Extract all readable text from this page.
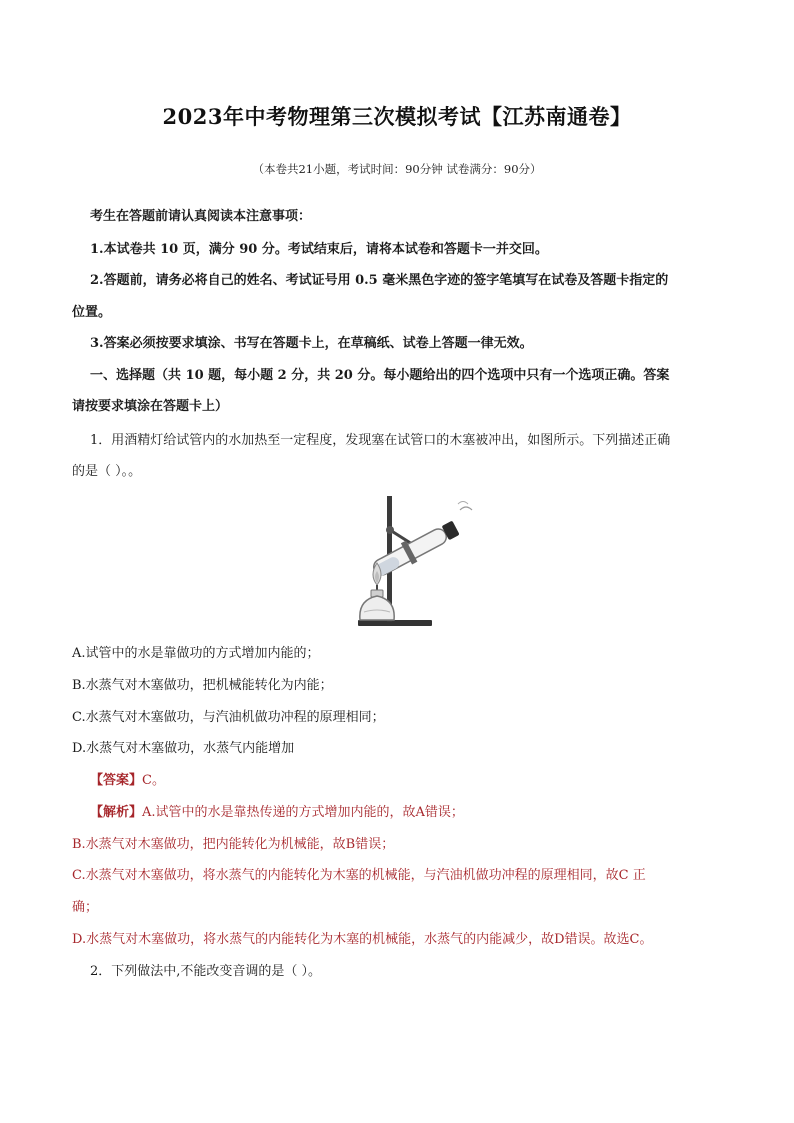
2023年中考物理第三次模拟考试【江苏南通卷】
（本卷共21小题，考试时间：90分钟 试卷满分：90分）
考生在答题前请认真阅读本注意事项：
1.本试卷共 10 页，满分 90 分。考试结束后，请将本试卷和答题卡一并交回。
2.答题前，请务必将自己的姓名、考试证号用 0.5 毫米黑色字迹的签字笔填写在试卷及答题卡指定的
位置。
3.答案必须按要求填涂、书写在答题卡上，在草稿纸、试卷上答题一律无效。
一、选择题（共 10 题，每小题 2 分，共 20 分。每小题给出的四个选项中只有一个选项正确。答案
请按要求填涂在答题卡上）
1．用酒精灯给试管内的水加热至一定程度，发现塞在试管口的木塞被冲出，如图所示。下列描述正确
的是（ ）。。
A.试管中的水是靠做功的方式增加内能的；
B.水蒸气对木塞做功，把机械能转化为内能；
C.水蒸气对木塞做功，与汽油机做功冲程的原理相同；
D.水蒸气对木塞做功，水蒸气内能增加
【答案】C。
【解析】A.试管中的水是靠热传递的方式增加内能的，故A错误；
B.水蒸气对木塞做功，把内能转化为机械能，故B错误；
C.水蒸气对木塞做功，将水蒸气的内能转化为木塞的机械能，与汽油机做功冲程的原理相同，故C 正
确；
D.水蒸气对木塞做功，将水蒸气的内能转化为木塞的机械能，水蒸气的内能减少，故D错误。故选C。
2．下列做法中,不能改变音调的是（ ）。
